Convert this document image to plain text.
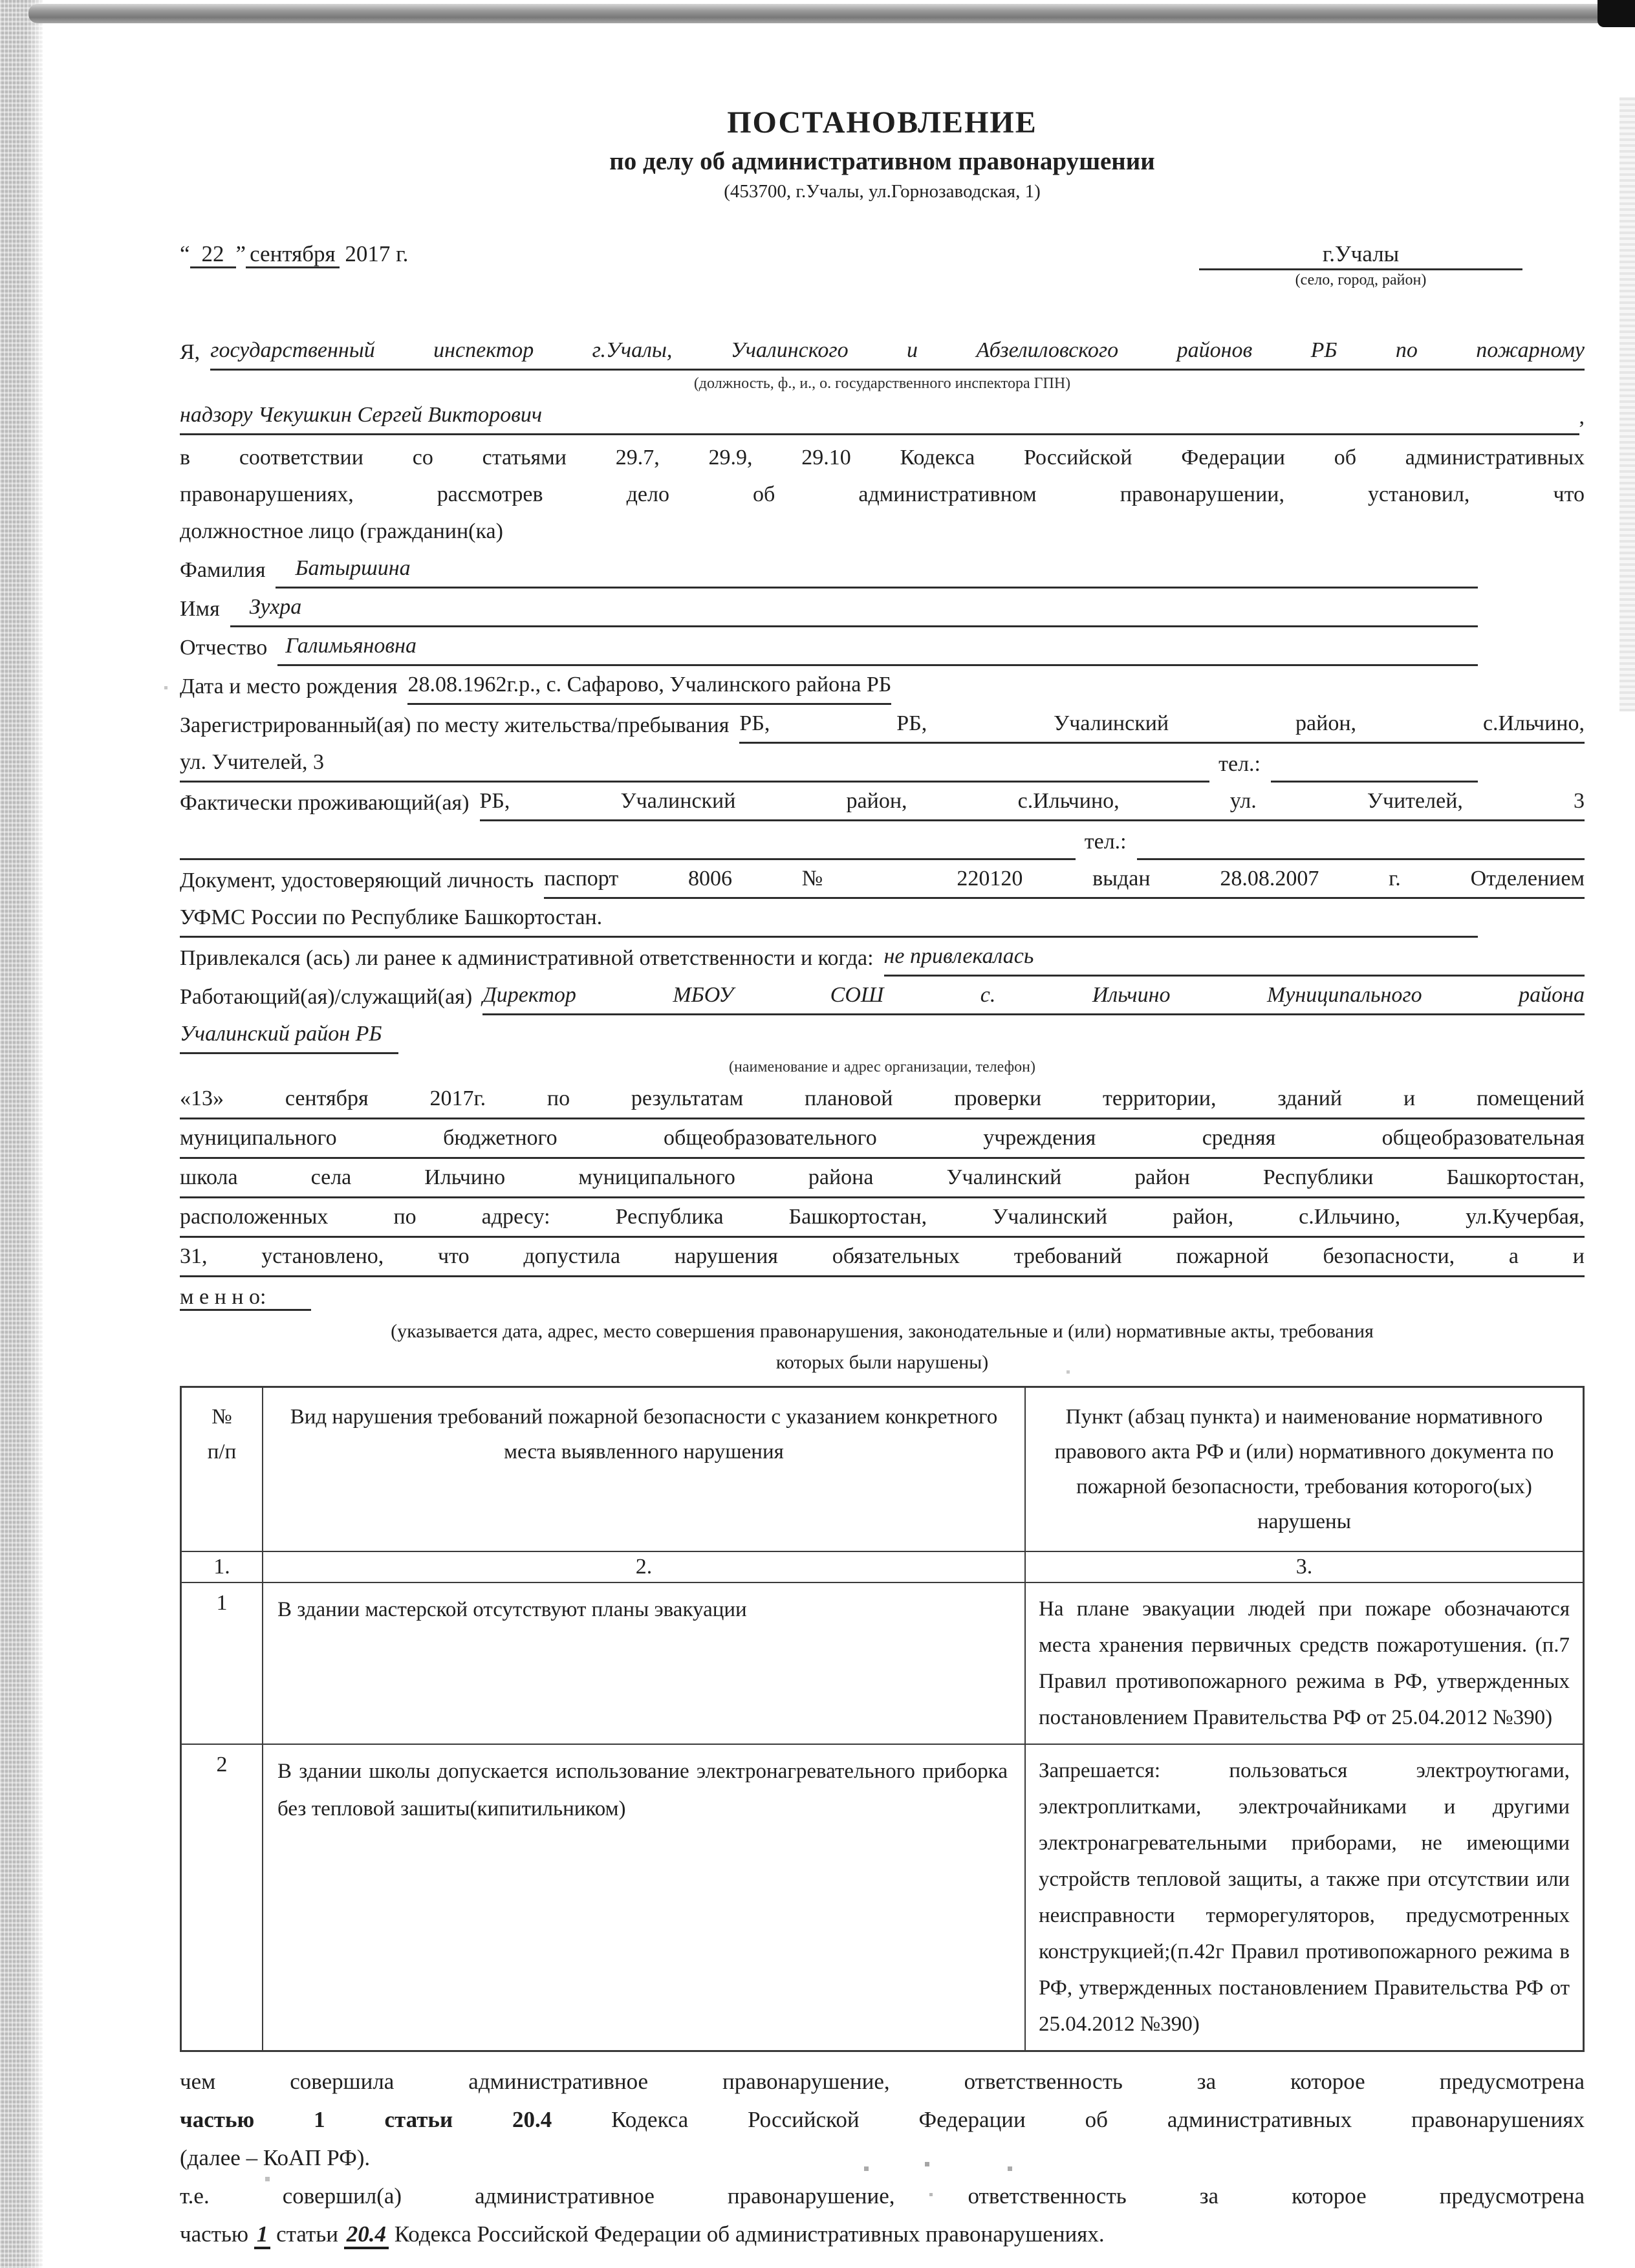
ПОСТАНОВЛЕНИЕ
по делу об административном правонарушении
(453700, г.Учалы, ул.Горнозаводская, 1)
“ 22 ” сентября 2017 г.	г.Учалы
(село, город, район)
Я, государственный инспектор г.Учалы, Учалинского и Абзелиловского районов РБ по пожарному
(должность, ф., и., о. государственного инспектора ГПН)
надзору Чекушкин Сергей Викторович	,
в соответствии со статьями 29.7, 29.9, 29.10 Кодекса Российской Федерации об административных
правонарушениях, рассмотрев дело об административном правонарушении, установил, что
должностное лицо (гражданин(ка)
Фамилия	Батыршина
Имя	Зухра
Отчество Галимьяновна
Дата и место рождения 28.08.1962г.р., с. Сафарово, Учалинского района РБ
Зарегистрированный(ая) по месту жительства/пребывания РБ, РБ, Учалинский район, с.Ильчино,
ул. Учителей, 3	тел.:
Фактически проживающий(ая) РБ, Учалинский район, с.Ильчино, ул. Учителей, 3
тел.:
Документ, удостоверяющий личность паспорт 8006 № 220120 выдан 28.08.2007 г. Отделением
УФМС России по Республике Башкортостан.
Привлекался (ась) ли ранее к административной ответственности и когда: не привлекалась
Работающий(ая)/служащий(ая) Директор МБОУ СОШ с. Ильчино Муниципального района
Учалинский район РБ
(наименование и адрес организации, телефон)
«13» сентября 2017г. по результатам плановой проверки территории, зданий и помещений
муниципального бюджетного общеобразовательного учреждения средняя общеобразовательная
школа села Ильчино муниципального района Учалинский район Республики Башкортостан,
расположенных по адресу: Республика Башкортостан, Учалинский район, с.Ильчино, ул.Кучербая,
31, установлено, что допустила нарушения обязательных требований пожарной безопасности, а и
м е н н о:
(указывается дата, адрес, место совершения правонарушения, законодательные и (или) нормативные акты, требования
которых были нарушены)
№
п/п	Вид нарушения требований пожарной безопасности с указанием конкретного места выявленного нарушения	Пункт (абзац пункта) и наименование нормативного правового акта РФ и (или) нормативного документа по пожарной безопасности, требования которого(ых) нарушены
1.	2.	3.
1	В здании мастерской отсутствуют планы эвакуации	На плане эвакуации людей при пожаре обозначаются места хранения первичных средств пожаротушения. (п.7 Правил противопожарного режима в РФ, утвержденных постановлением Правительства РФ от 25.04.2012 №390)
2	В здании школы допускается использование электронагревательного приборка без тепловой зашиты(кипитильником)	Запрешается: пользоваться электроутюгами, электроплитками, электрочайниками и другими электронагревательными приборами, не имеющими устройств тепловой защиты, а также при отсутствии или неисправности терморегуляторов, предусмотренных конструкцией;(п.42г Правил противопожарного режима в РФ, утвержденных постановлением Правительства РФ от 25.04.2012 №390)
чем совершила административное правонарушение, ответственность за которое предусмотрена
частью 1 статьи 20.4	Кодекса Российской Федерации об административных правонарушениях
(далее – КоАП РФ).
т.е. совершил(а) административное правонарушение, ответственность за которое предусмотрена
частью 1 статьи 20.4 Кодекса Российской Федерации об административных правонарушениях.
